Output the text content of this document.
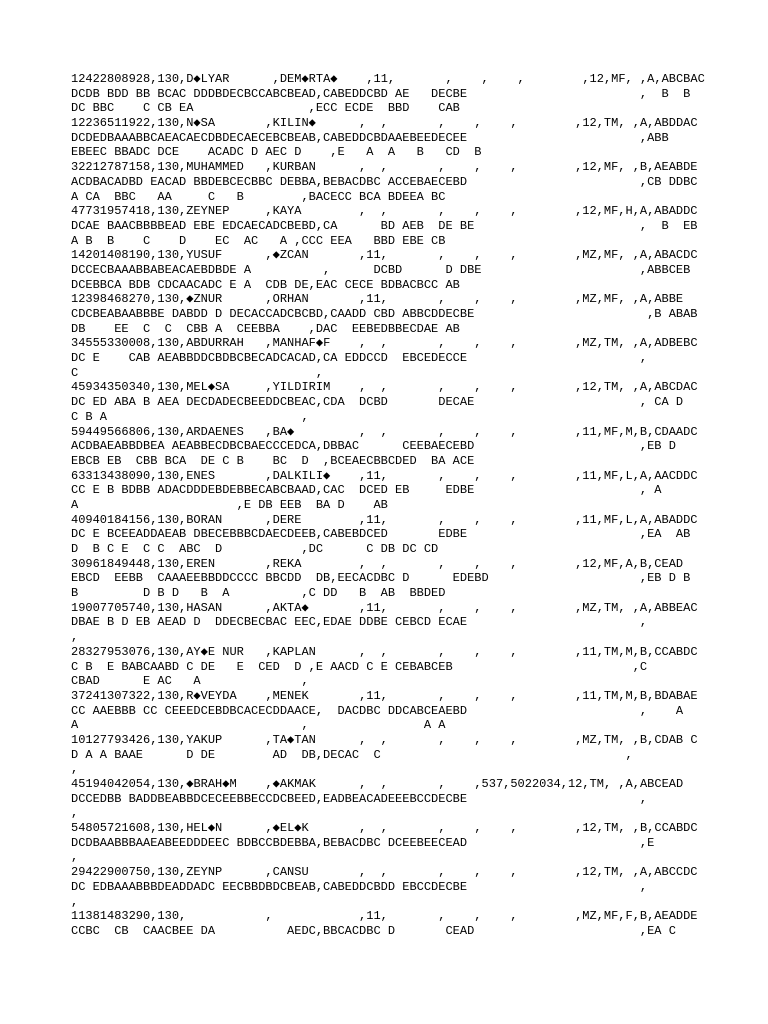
12422808928,130,D◆LYAR      ,DEM◆RTA◆    ,11,       ,    ,    ,        ,12,MF, ,A,ABCBAC
DCDB BDD BB BCAC DDDBDECBCCABCBEAD,CABEDDCBD AE   DECBE                        ,  B  B
DC BBC    C CB EA                ,ECC ECDE  BBD    CAB
12236511922,130,N◆SA       ,KILIN◆      ,  ,       ,    ,    ,        ,12,TM, ,A,ABDDAC
DCDEDBAAABBCAEACAECDBDECAECEBCBEAB,CABEDDCBDAAEBEEDECEE                        ,ABB
EBEEC BBADC DCE    ACADC D AEC D    ,E   A  A   B   CD  B
32212787158,130,MUHAMMED   ,KURBAN      ,  ,       ,    ,    ,        ,12,MF, ,B,AEABDE
ACDBACADBD EACAD BBDEBCECBBC DEBBA,BEBACDBC ACCEBAECEBD                        ,CB DDBC
A CA  BBC   AA     C   B        ,BACECC BCA BDEEA BC
47731957418,130,ZEYNEP     ,KAYA        ,  ,       ,    ,    ,        ,12,MF,H,A,ABADDC
DCAE BAACBBBBEAD EBE EDCAECADCBEBD,CA      BD AEB  DE BE                       ,  B  EB
A B  B    C    D    EC  AC   A ,CCC EEA   BBD EBE CB
14201408190,130,YUSUF      ,◆ZCAN       ,11,       ,    ,    ,        ,MZ,MF, ,A,ABACDC
DCCECBAAABBABEACAEBDBDE A          ,      DCBD      D DBE                      ,ABBCEB
DCEBBCA BDB CDCAACADC E A  CDB DE,EAC CECE BDBACBCC AB
12398468270,130,◆ZNUR      ,ORHAN       ,11,       ,    ,    ,        ,MZ,MF, ,A,ABBE
CDCBEABAABBBE DABDD D DECACCADCBCBD,CAADD CBD ABBCDDECBE                        ,B ABAB
DB    EE  C  C  CBB A  CEEBBA    ,DAC  EEBEDBBECDAE AB
34555330008,130,ABDURRAH   ,MANHAF◆F    ,  ,       ,    ,    ,        ,MZ,TM, ,A,ADBEBC
DC E    CAB AEABBDDCBDBCBECADCACAD,CA EDDCCD  EBCEDECCE                        ,
C                                 ,
45934350340,130,MEL◆SA     ,YILDIRIM    ,  ,       ,    ,    ,        ,12,TM, ,A,ABCDAC
DC ED ABA B AEA DECDADECBEEDDCBEAC,CDA  DCBD       DECAE                       , CA D
C B A                           ,
59449566806,130,ARDAENES   ,BA◆         ,  ,       ,    ,    ,        ,11,MF,M,B,CDAADC
ACDBAEABBDBEA AEABBECDBCBAECCCEDCA,DBBAC      CEEBAECEBD                       ,EB D
EBCB EB  CBB BCA  DE C B    BC  D  ,BCEAECBBCDED  BA ACE
63313438090,130,ENES       ,DALKILI◆    ,11,       ,    ,    ,        ,11,MF,L,A,AACDDC
CC E B BDBB ADACDDDEBDEBBECABCBAAD,CAC  DCED EB     EDBE                       , A
A                      ,E DB EEB  BA D    AB
40940184156,130,BORAN      ,DERE        ,11,       ,    ,    ,        ,11,MF,L,A,ABADDC
DC E BCEEADDAEAB DBECEBBBCDAECDEEB,CABEBDCED       EDBE                        ,EA  AB
D  B C E  C C  ABC  D           ,DC      C DB DC CD
30961849448,130,EREN       ,REKA        ,  ,       ,    ,    ,        ,12,MF,A,B,CEAD
EBCD  EEBB  CAAAEEBBDDCCCC BBCDD  DB,EECACDBC D      EDEBD                     ,EB D B
B         D B D   B  A          ,C DD   B  AB  BBDED
19007705740,130,HASAN      ,AKTA◆       ,11,       ,    ,    ,        ,MZ,TM, ,A,ABBEAC
DBAE B D EB AEAD D  DDECBECBAC EEC,EDAE DDBE CEBCD ECAE                        ,
,
28327953076,130,AY◆E NUR   ,KAPLAN      ,  ,       ,    ,    ,        ,11,TM,M,B,CCABDC
C B  E BABCAABD C DE   E  CED  D ,E AACD C E CEBABCEB                         ,C
CBAD      E AC   A              ,
37241307322,130,R◆VEYDA    ,MENEK       ,11,       ,    ,    ,        ,11,TM,M,B,BDABAE
CC AAEBBB CC CEEEDCEBDBCACECDDAACE,  DACDBC DDCABCEAEBD                        ,    A
A                               ,                A A
10127793426,130,YAKUP      ,TA◆TAN      ,  ,       ,    ,    ,        ,MZ,TM, ,B,CDAB C
D A A BAAE      D DE        AD  DB,DECAC  C                                  ,
,
45194042054,130,◆BRAH◆M    ,◆AKMAK      ,  ,       ,    ,537,5022034,12,TM, ,A,ABCEAD
DCCEDBB BADDBEABBDCECEEBBECCDCBEED,EADBEACADEEEBCCDECBE                        ,
,
54805721608,130,HEL◆N      ,◆EL◆K       ,  ,       ,    ,    ,        ,12,TM, ,B,CCABDC
DCDBAABBBAAEABEEDDDEEC BDBCCBDEBBA,BEBACDBC DCEEBEECEAD                        ,E
,
29422900750,130,ZEYNP      ,CANSU       ,  ,       ,    ,    ,        ,12,TM, ,A,ABCCDC
DC EDBAAABBBDEADDADC EECBBDBDCBEAB,CABEDDCBDD EBCCDECBE                        ,
,
11381483290,130,           ,            ,11,       ,    ,    ,        ,MZ,MF,F,B,AEADDE
CCBC  CB  CAACBEE DA          AEDC,BBCACDBC D       CEAD                       ,EA C
